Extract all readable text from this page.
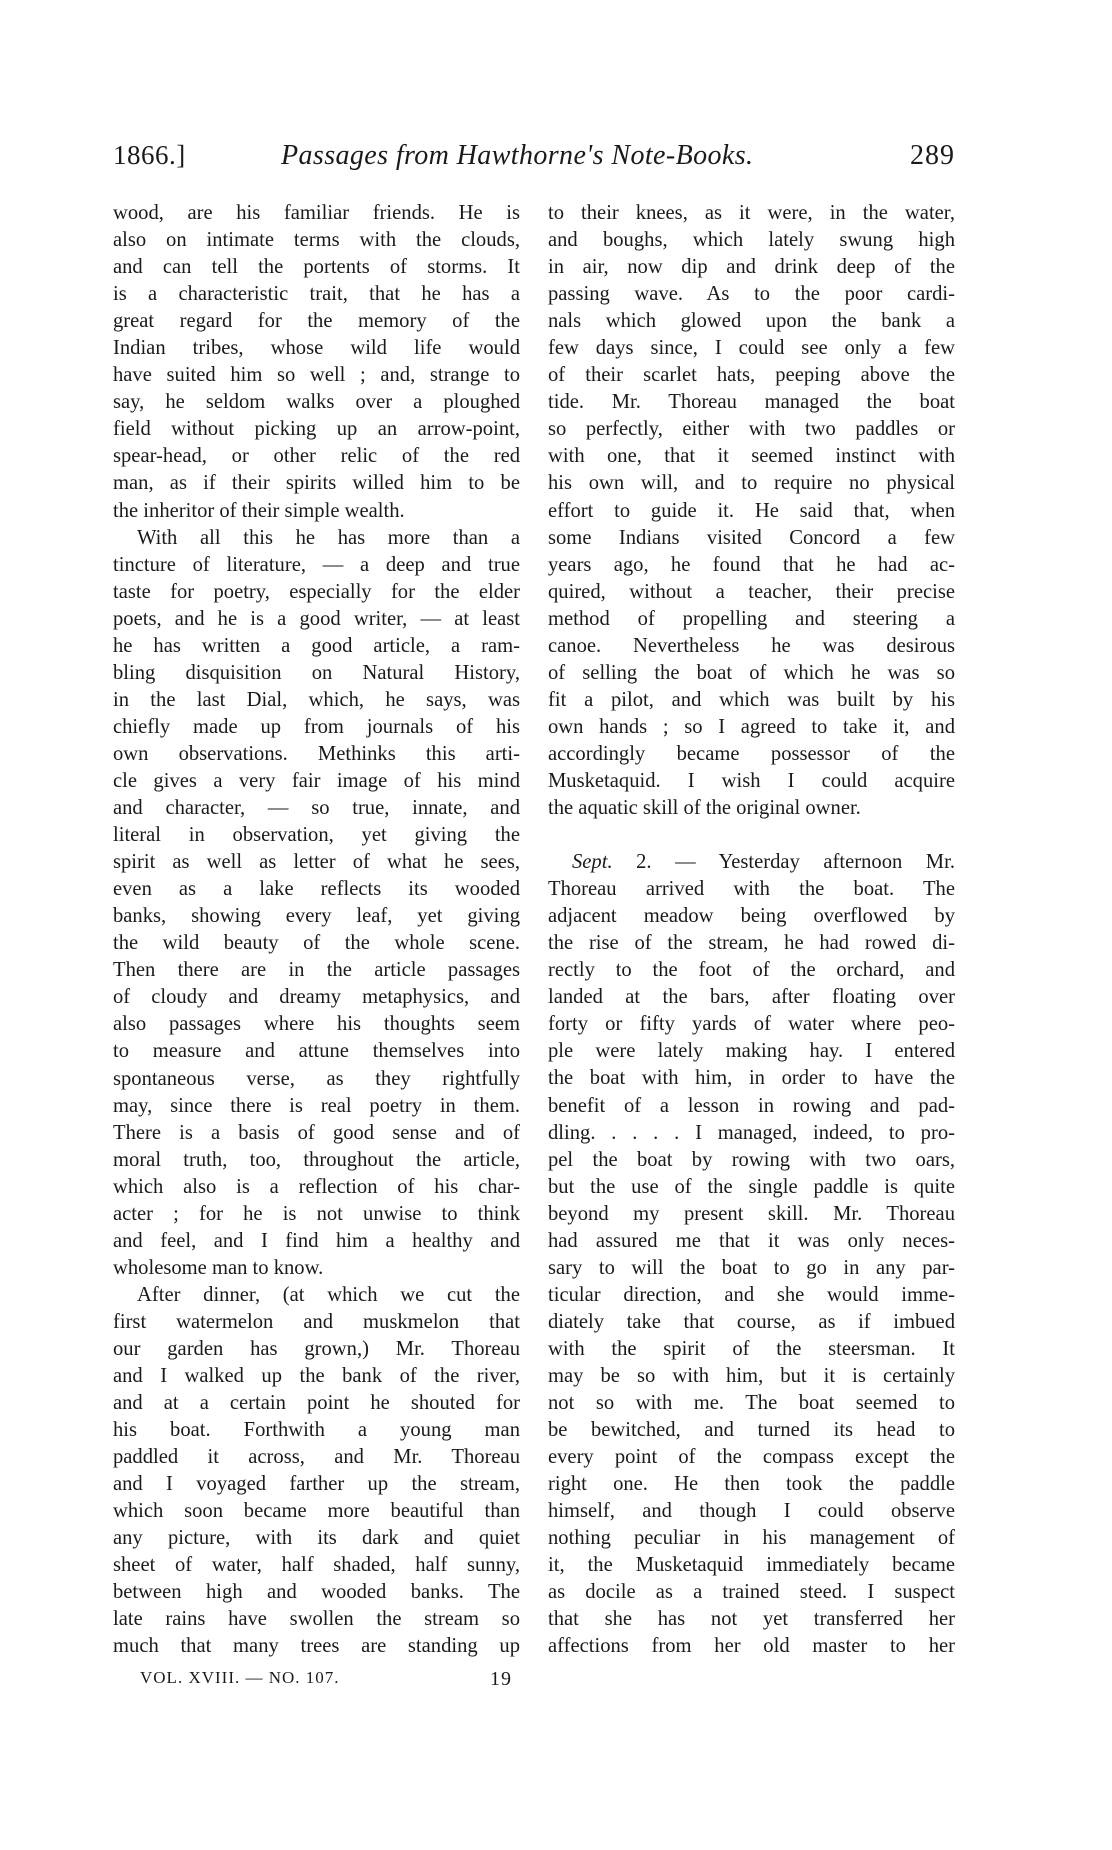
1866.]	Passages from Hawthorne's Note-Books.	289
wood, are his familiar friends. He is
also on intimate terms with the clouds,
and can tell the portents of storms. It
is a characteristic trait, that he has a
great regard for the memory of the
Indian tribes, whose wild life would
have suited him so well ; and, strange to
say, he seldom walks over a ploughed
field without picking up an arrow-point,
spear-head, or other relic of the red
man, as if their spirits willed him to be
the inheritor of their simple wealth.
With all this he has more than a
tincture of literature, — a deep and true
taste for poetry, especially for the elder
poets, and he is a good writer, — at least
he has written a good article, a ram-
bling disquisition on Natural History,
in the last Dial, which, he says, was
chiefly made up from journals of his
own observations. Methinks this arti-
cle gives a very fair image of his mind
and character, — so true, innate, and
literal in observation, yet giving the
spirit as well as letter of what he sees,
even as a lake reflects its wooded
banks, showing every leaf, yet giving
the wild beauty of the whole scene.
Then there are in the article passages
of cloudy and dreamy metaphysics, and
also passages where his thoughts seem
to measure and attune themselves into
spontaneous verse, as they rightfully
may, since there is real poetry in them.
There is a basis of good sense and of
moral truth, too, throughout the article,
which also is a reflection of his char-
acter ; for he is not unwise to think
and feel, and I find him a healthy and
wholesome man to know.
After dinner, (at which we cut the
first watermelon and muskmelon that
our garden has grown,) Mr. Thoreau
and I walked up the bank of the river,
and at a certain point he shouted for
his boat. Forthwith a young man
paddled it across, and Mr. Thoreau
and I voyaged farther up the stream,
which soon became more beautiful than
any picture, with its dark and quiet
sheet of water, half shaded, half sunny,
between high and wooded banks. The
late rains have swollen the stream so
much that many trees are standing up
to their knees, as it were, in the water,
and boughs, which lately swung high
in air, now dip and drink deep of the
passing wave. As to the poor cardi-
nals which glowed upon the bank a
few days since, I could see only a few
of their scarlet hats, peeping above the
tide. Mr. Thoreau managed the boat
so perfectly, either with two paddles or
with one, that it seemed instinct with
his own will, and to require no physical
effort to guide it. He said that, when
some Indians visited Concord a few
years ago, he found that he had ac-
quired, without a teacher, their precise
method of propelling and steering a
canoe. Nevertheless he was desirous
of selling the boat of which he was so
fit a pilot, and which was built by his
own hands ; so I agreed to take it, and
accordingly became possessor of the
Musketaquid. I wish I could acquire
the aquatic skill of the original owner.
Sept. 2. — Yesterday afternoon Mr.
Thoreau arrived with the boat. The
adjacent meadow being overflowed by
the rise of the stream, he had rowed di-
rectly to the foot of the orchard, and
landed at the bars, after floating over
forty or fifty yards of water where peo-
ple were lately making hay. I entered
the boat with him, in order to have the
benefit of a lesson in rowing and pad-
dling. . . . . I managed, indeed, to pro-
pel the boat by rowing with two oars,
but the use of the single paddle is quite
beyond my present skill. Mr. Thoreau
had assured me that it was only neces-
sary to will the boat to go in any par-
ticular direction, and she would imme-
diately take that course, as if imbued
with the spirit of the steersman. It
may be so with him, but it is certainly
not so with me. The boat seemed to
be bewitched, and turned its head to
every point of the compass except the
right one. He then took the paddle
himself, and though I could observe
nothing peculiar in his management of
it, the Musketaquid immediately became
as docile as a trained steed. I suspect
that she has not yet transferred her
affections from her old master to her
VOL. XVIII. — NO. 107.	19
